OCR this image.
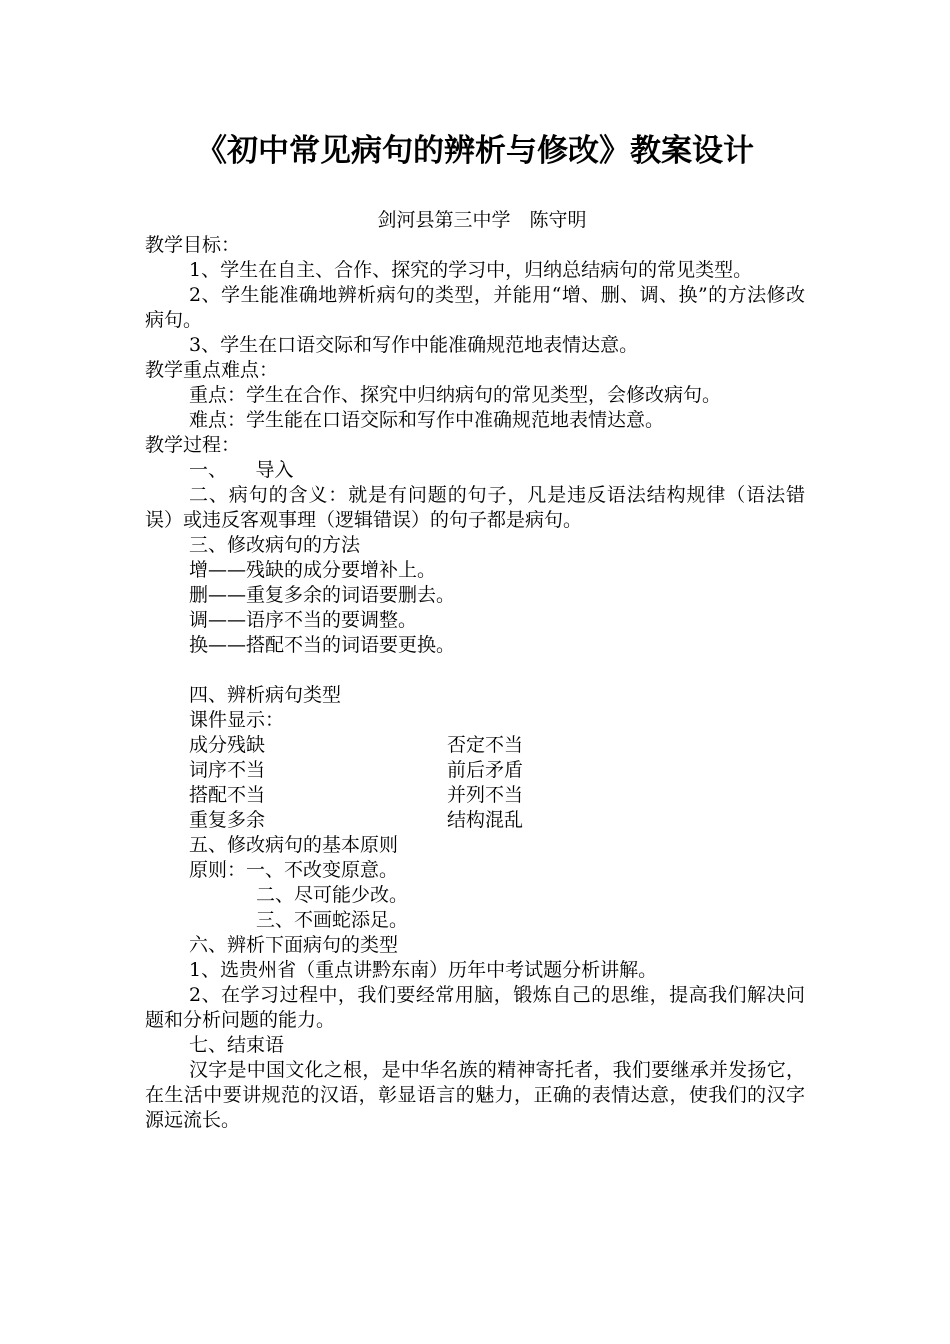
《初中常见病句的辨析与修改》教案设计

剑河县第三中学　陈守明

教学目标：

1、学生在自主、合作、探究的学习中，归纳总结病句的常见类型。

2、学生能准确地辨析病句的类型，并能用“增、删、调、换”的方法修改病句。

3、学生在口语交际和写作中能准确规范地表情达意。

教学重点难点：

重点：学生在合作、探究中归纳病句的常见类型，会修改病句。

难点：学生能在口语交际和写作中准确规范地表情达意。

教学过程：

一、　　导入

二、病句的含义：就是有问题的句子，凡是违反语法结构规律（语法错误）或违反客观事理（逻辑错误）的句子都是病句。

三、修改病句的方法

增——残缺的成分要增补上。

删——重复多余的词语要删去。

调——语序不当的要调整。

换——搭配不当的词语要更换。

四、辨析病句类型

课件显示：

成分残缺	否定不当
词序不当	前后矛盾
搭配不当	并列不当
重复多余	结构混乱

五、修改病句的基本原则

原则：一、不改变原意。

二、尽可能少改。

三、不画蛇添足。

六、辨析下面病句的类型

1、选贵州省（重点讲黔东南）历年中考试题分析讲解。

2、在学习过程中，我们要经常用脑，锻炼自己的思维，提高我们解决问题和分析问题的能力。

七、结束语

汉字是中国文化之根，是中华名族的精神寄托者，我们要继承并发扬它，在生活中要讲规范的汉语，彰显语言的魅力，正确的表情达意，使我们的汉字源远流长。
